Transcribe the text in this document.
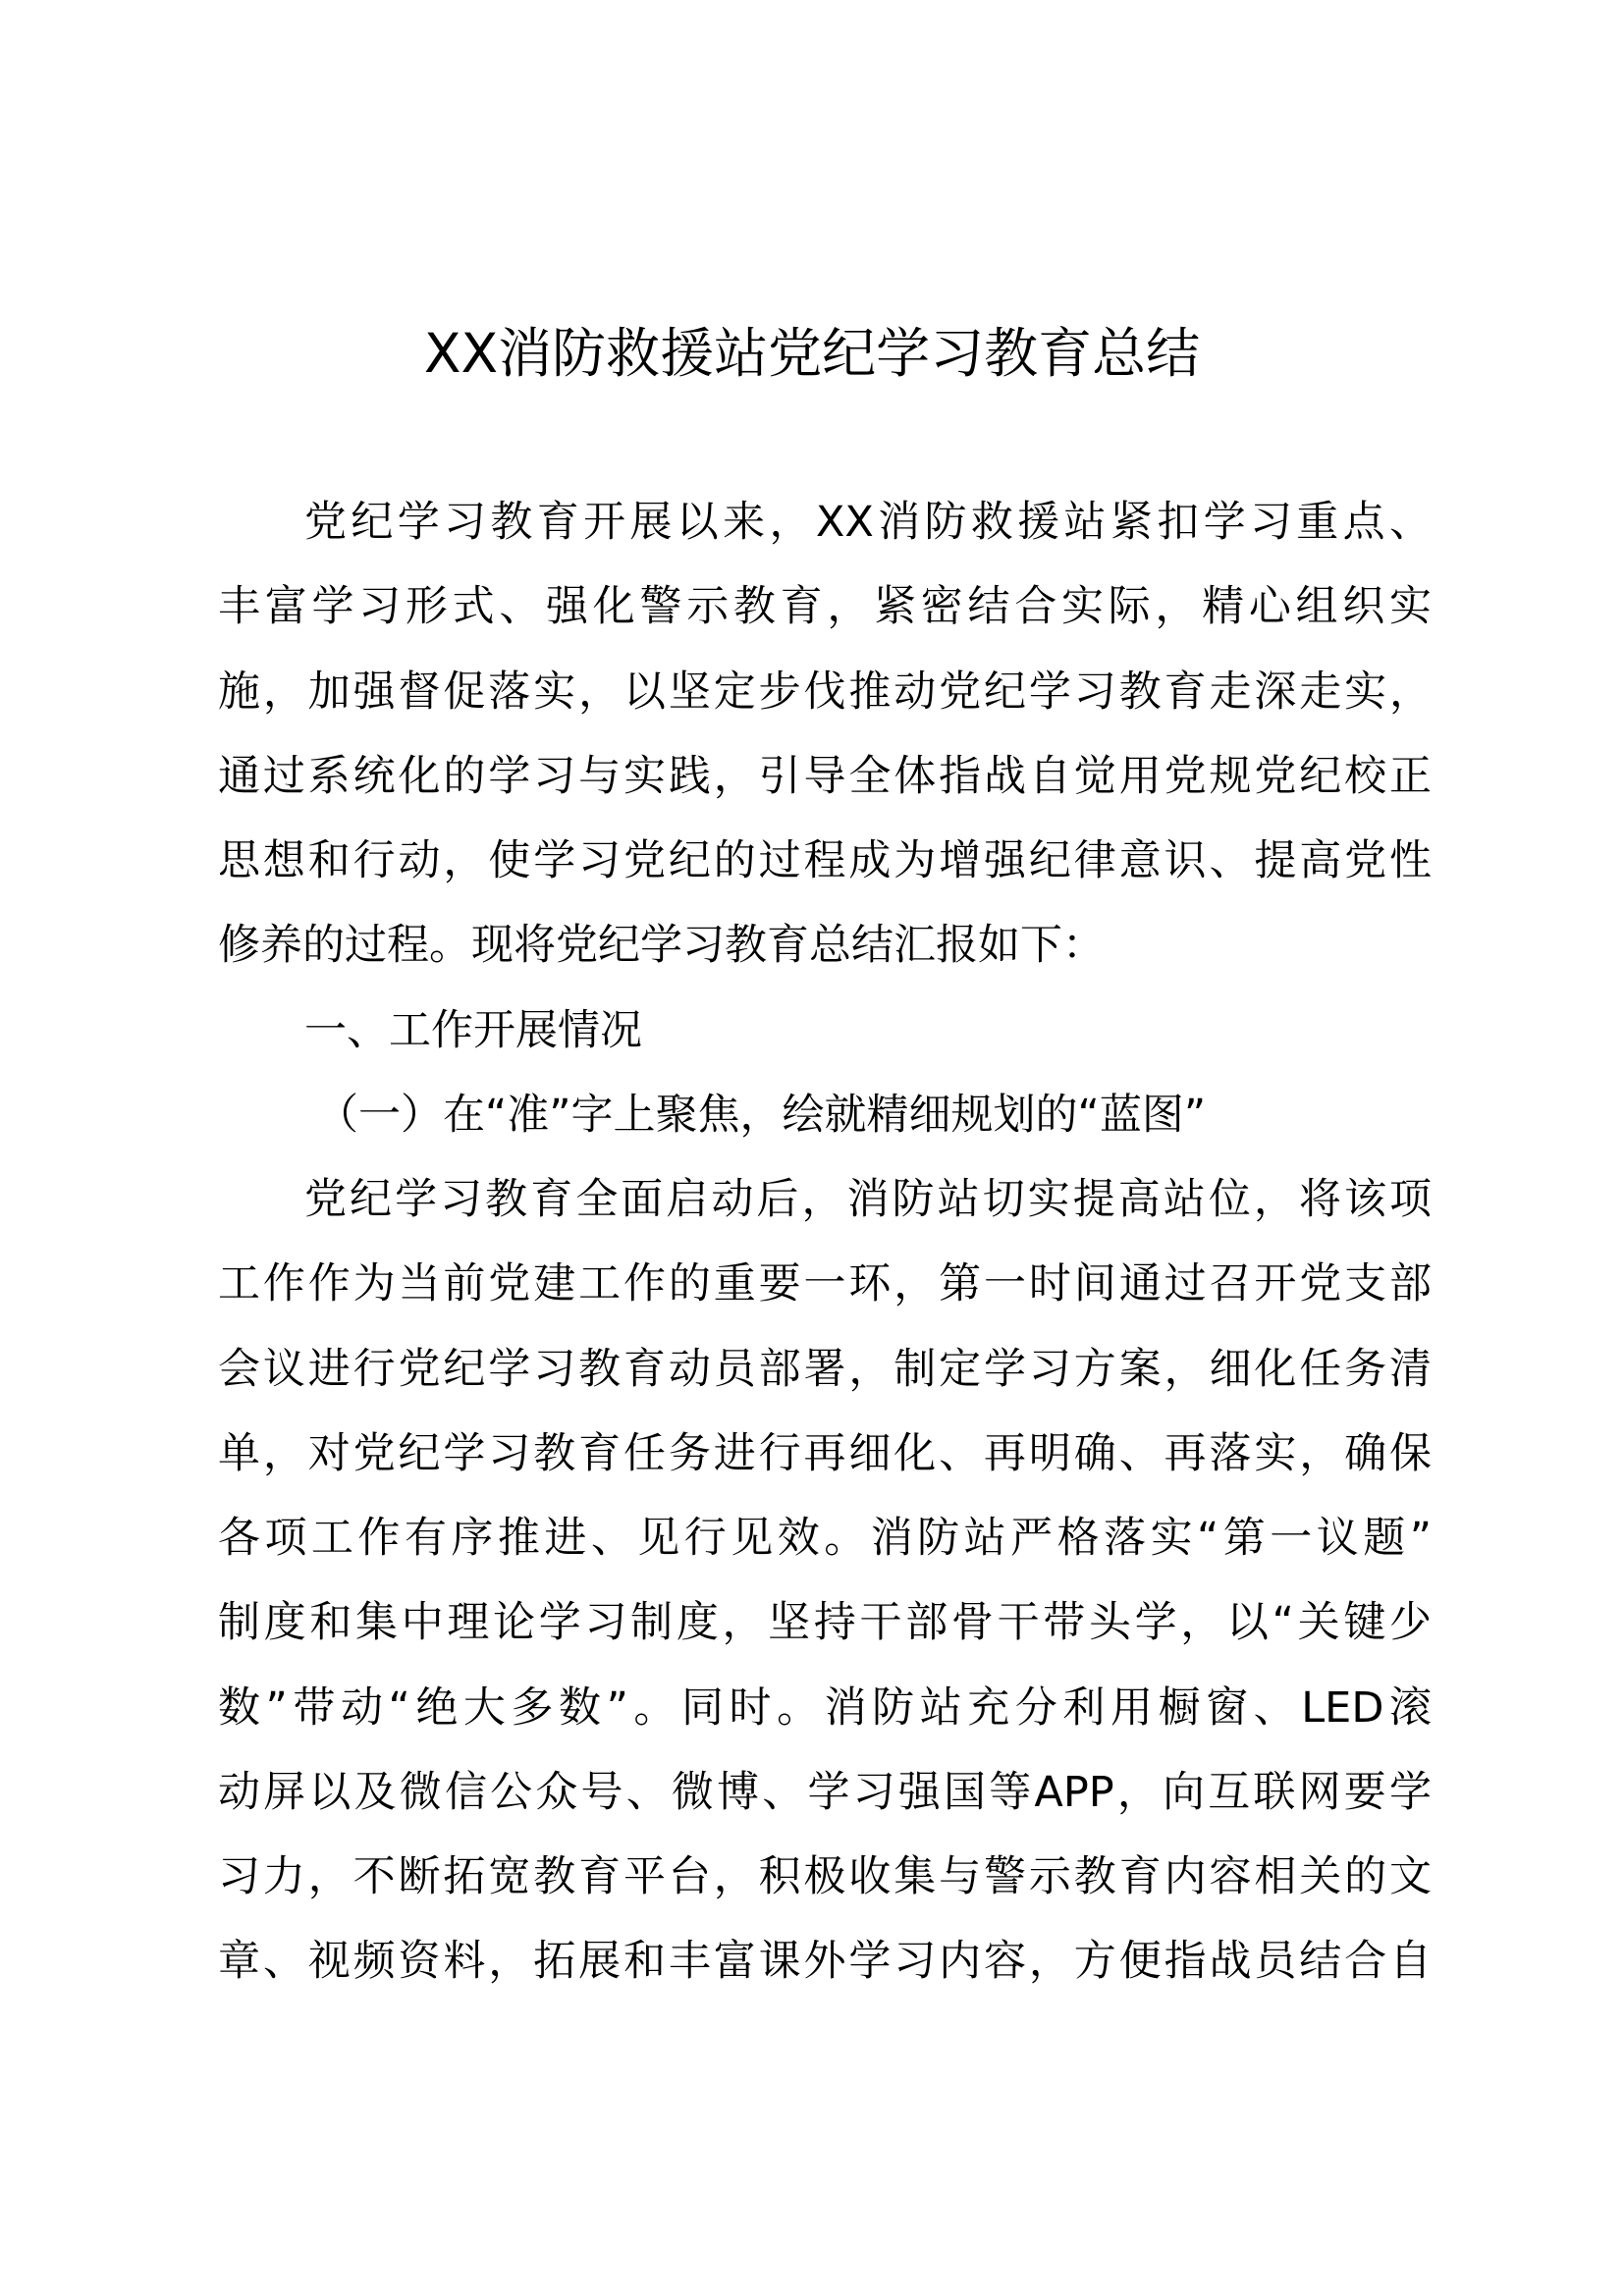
XX消防救援站党纪学习教育总结
党纪学习教育开展以来，XX消防救援站紧扣学习重点、
丰富学习形式、强化警示教育，紧密结合实际，精心组织实
施，加强督促落实，以坚定步伐推动党纪学习教育走深走实，
通过系统化的学习与实践，引导全体指战自觉用党规党纪校正
思想和行动，使学习党纪的过程成为增强纪律意识、提高党性
修养的过程。现将党纪学习教育总结汇报如下：
一、工作开展情况
（一）在“准”字上聚焦，绘就精细规划的“蓝图”
党纪学习教育全面启动后，消防站切实提高站位，将该项
工作作为当前党建工作的重要一环，第一时间通过召开党支部
会议进行党纪学习教育动员部署，制定学习方案，细化任务清
单，对党纪学习教育任务进行再细化、再明确、再落实，确保
各项工作有序推进、见行见效。消防站严格落实“第一议题”
制度和集中理论学习制度，坚持干部骨干带头学，以“关键少
数”带动“绝大多数”。同时。消防站充分利用橱窗、LED滚
动屏以及微信公众号、微博、学习强国等APP，向互联网要学
习力，不断拓宽教育平台，积极收集与警示教育内容相关的文
章、视频资料，拓展和丰富课外学习内容，方便指战员结合自
